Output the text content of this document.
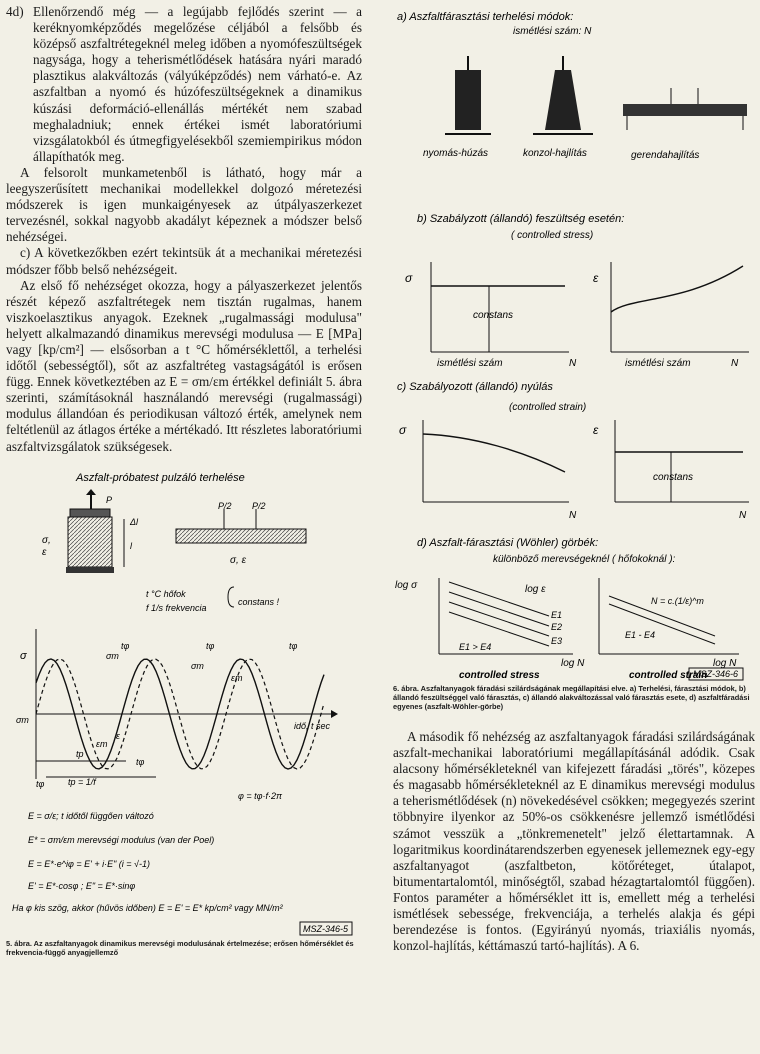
4d) Ellenőrzendő még — a legújabb fejlődés szerint — a keréknyomképződés megelőzése céljából a felsőbb és középső aszfaltrétegeknél meleg időben a nyomófeszültségek nagysága, hogy a teherismétlődések hatására nyári maradó plasztikus alakváltozás (vályúképződés) nem várható-e. Az aszfaltban a nyomó és húzófeszültségeknek a dinamikus kúszási deformáció-ellenállás mértékét nem szabad meghaladniuk; ennek értékei ismét laboratóriumi vizsgálatokból és útmegfigyelésekből szemiempirikus módon állapíthatók meg.

A felsorolt munkametenből is látható, hogy már a leegyszerűsített mechanikai modellekkel dolgozó méretezési módszerek is igen munkaigényesek az útpályaszerkezet tervezésnél, sokkal nagyobb akadályt képeznek a módszer belső nehézségei.

c) A következőkben ezért tekintsük át a mechanikai méretezési módszer főbb belső nehézségeit.

Az első fő nehézséget okozza, hogy a pályaszerkezet jelentős részét képező aszfaltrétegek nem tisztán rugalmas, hanem viszkoelasztikus anyagok. Ezeknek „rugalmassági modulusa" helyett alkalmazandó dinamikus merevségi modulusa — E [MPa] vagy [kp/cm²] — elsősorban a t °C hőmérséklettől, a terhelési időtől (sebességtől), sőt az aszfaltréteg vastagságától is erősen függ. Ennek következtében az E = σm/εm értékkel definiált 5. ábra szerinti, számításoknál használandó merevségi (rugalmassági) modulus állandóan és periodikusan változó érték, amelynek nem feltétlenül az átlagos értéke a mértékadó. Itt részletes laboratóriumi aszfaltvizsgálatok szükségesek.

Aszfalt-próbatest pulzáló terhelése
P
Δl
l
σ,
ε
P/2 P/2
σ, ε
t °C hőfok
f 1/s frekvencia
constans !
idő, t sec
σ	σm
σm
εm
εm
ε
σm
tφ	tφ	tφ
tp
tφ
tφ	tp = 1/f
φ = tφ·f·2π
E = σ/ε; t időtől függően változó
E* = σm/εm merevségi modulus (van der Poel)
E = E*·e^iφ = E' + i·E" (i = √-1)
E' = E*·cosφ ; E" = E*·sinφ
Ha φ kis szög, akkor (hűvös időben) E = E' = E* kp/cm² vagy MN/m²
MSZ-346-5

5. ábra. Az aszfaltanyagok dinamikus merevségi modulusának értelmezése; erősen hőmérséklet és frekvencia-függő anyagjellemző

a) Aszfaltfárasztási terhelési módok:
ismétlési szám: N
nyomás-húzás	konzol-hajlítás	gerendahajlítás
b) Szabályzott (állandó) feszültség esetén:
( controlled stress)
σ
constans
ismétlési szám	N
ε
ismétlési szám	N
c) Szabályozott (állandó) nyúlás
(controlled strain)
σ
N
ε
constans
N
d) Aszfalt-fárasztási (Wöhler) görbék:
különböző merevségeknél ( hőfokoknál ):
log σ	log ε
E1
E2
E3
E1 > E4
log N
controlled stress
N = c.(1/ε)^m
E1 - E4
log N
controlled strain
MSZ-346-6

6. ábra. Aszfaltanyagok fáradási szilárdságának megállapítási elve. a) Terhelési, fárasztási módok, b) állandó feszültséggel való fárasztás, c) állandó alakváltozással való fárasztás esete, d) aszfaltfáradási egyenes (aszfalt-Wöhler-görbe)

A második fő nehézség az aszfaltanyagok fáradási szilárdságának aszfalt-mechanikai laboratóriumi megállapításánál adódik. Csak alacsony hőmérsékleteknél van kifejezett fáradási „törés", közepes és magasabb hőmérsékleteknél az E dinamikus merevségi modulus a teherismétlődések (n) növekedésével csökken; megegyezés szerint többnyire ilyenkor az 50%-os csökkenésre jellemző ismétlődési számot vesszük a „tönkremenetelt" jelző élettartamnak. A logaritmikus koordinátarendszerben egyenesek jellemeznek egy-egy aszfaltanyagot (aszfaltbeton, kötőréteget, útalapot, bitumentartalomtól, minőségtől, szabad hézagtartalomtól függően). Fontos paraméter a hőmérséklet itt is, emellett még a terhelési ismétlések sebessége, frekvenciája, a terhelés alakja és gépi berendezése is fontos. (Egyirányú nyomás, triaxiális nyomás, konzol-hajlítás, kéttámaszú tartó-hajlítás). A 6.
